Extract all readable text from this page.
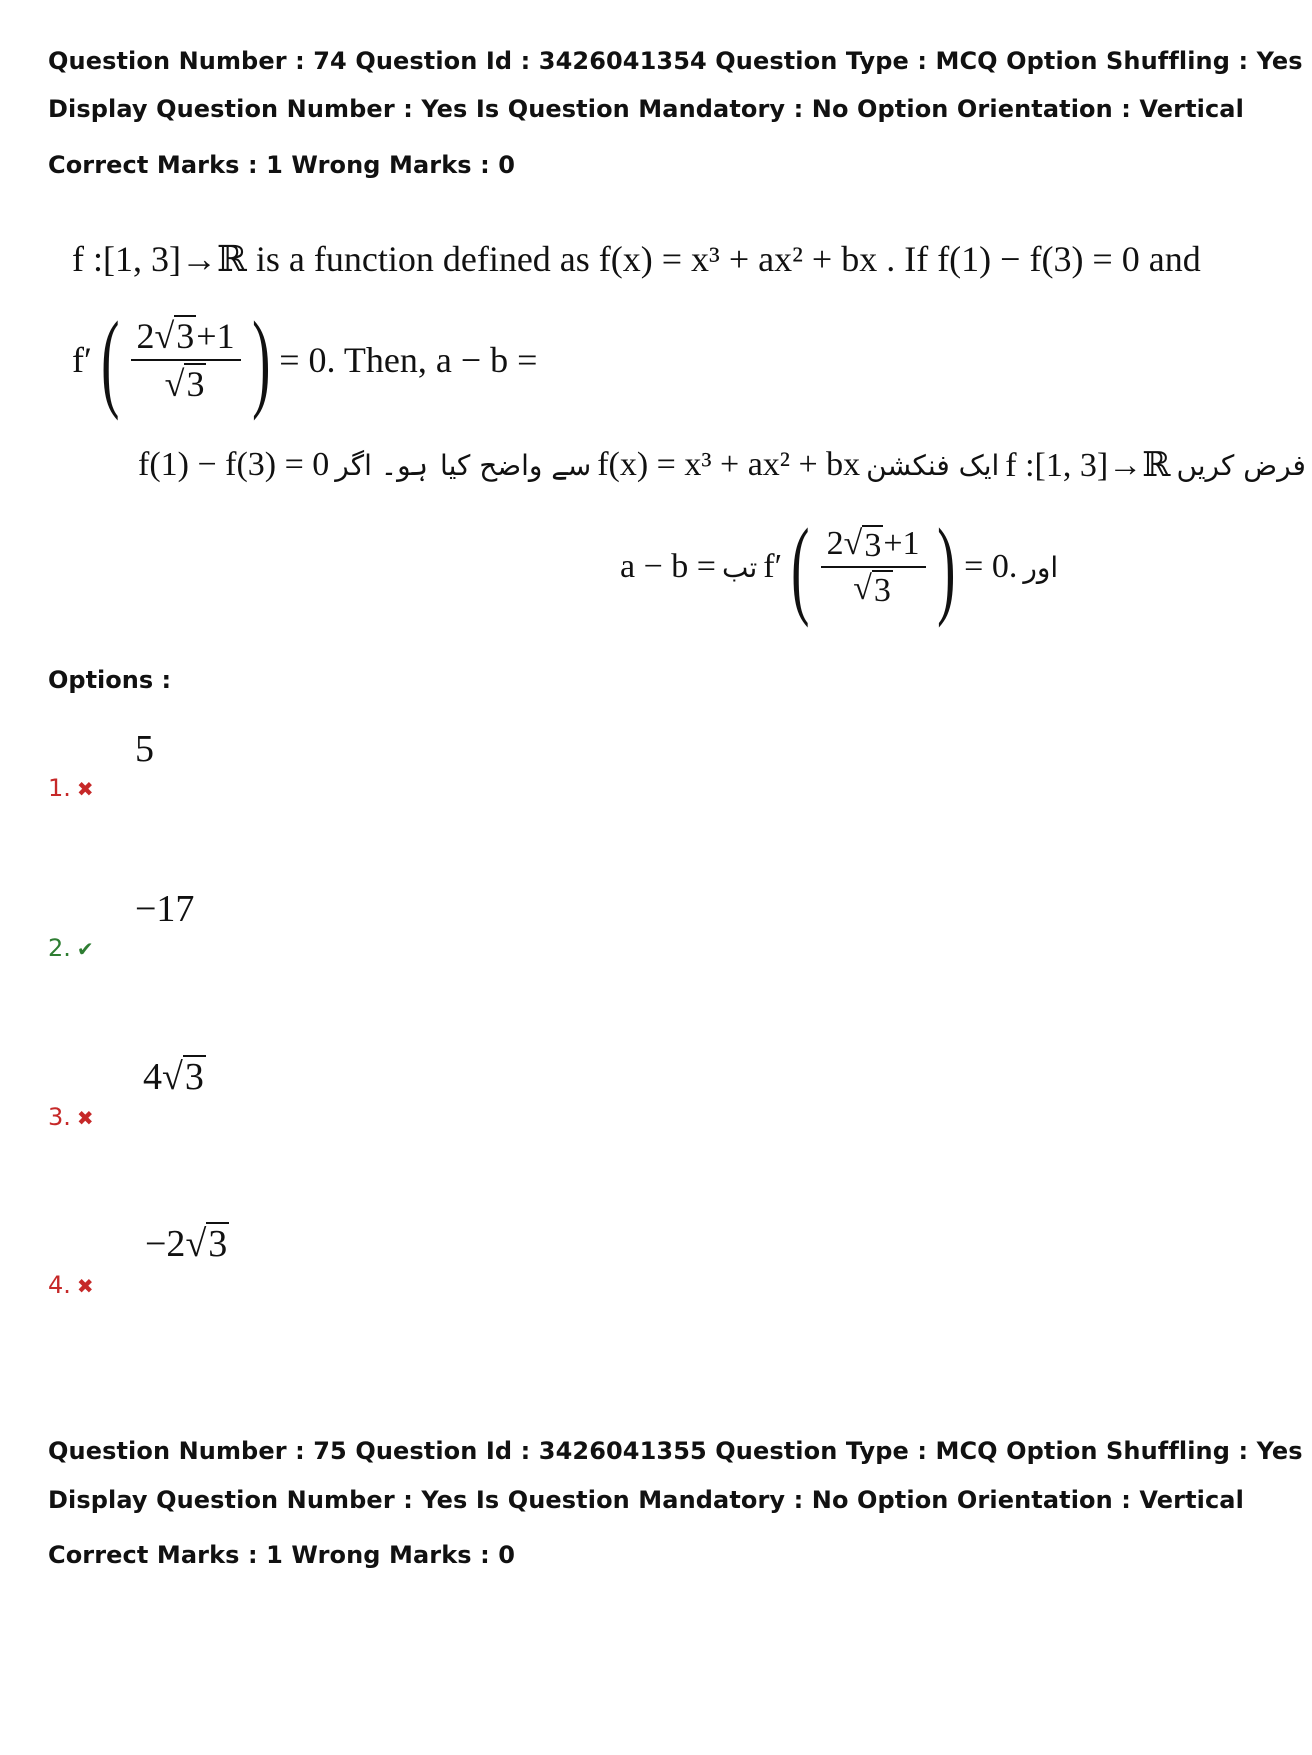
Question Number : 74 Question Id : 3426041354 Question Type : MCQ Option Shuffling : Yes
Display Question Number : Yes Is Question Mandatory : No Option Orientation : Vertical
Correct Marks : 1 Wrong Marks : 0
f :[1, 3]→ℝ is a function defined as f(x) = x³ + ax² + bx . If f(1) − f(3) = 0 and
f′ ( $\frac{2√ 3 +1}{√ 3}$ ) = 0. Then, a − b =
f(1) − f(3) = 0 ہو۔ اگر سے واضح کیا f(x) = x³ + ax² + bx ایک فنکشن f :[1, 3]→ℝ فرض کریں
a − b = تب f′ ( $\frac{2√ 3 +1}{√ 3}$ ) = 0. اور
Options :
5
1. ✖
−17
2. ✔
4√ 3
3. ✖
−2√ 3
4. ✖
Question Number : 75 Question Id : 3426041355 Question Type : MCQ Option Shuffling : Yes
Display Question Number : Yes Is Question Mandatory : No Option Orientation : Vertical
Correct Marks : 1 Wrong Marks : 0
